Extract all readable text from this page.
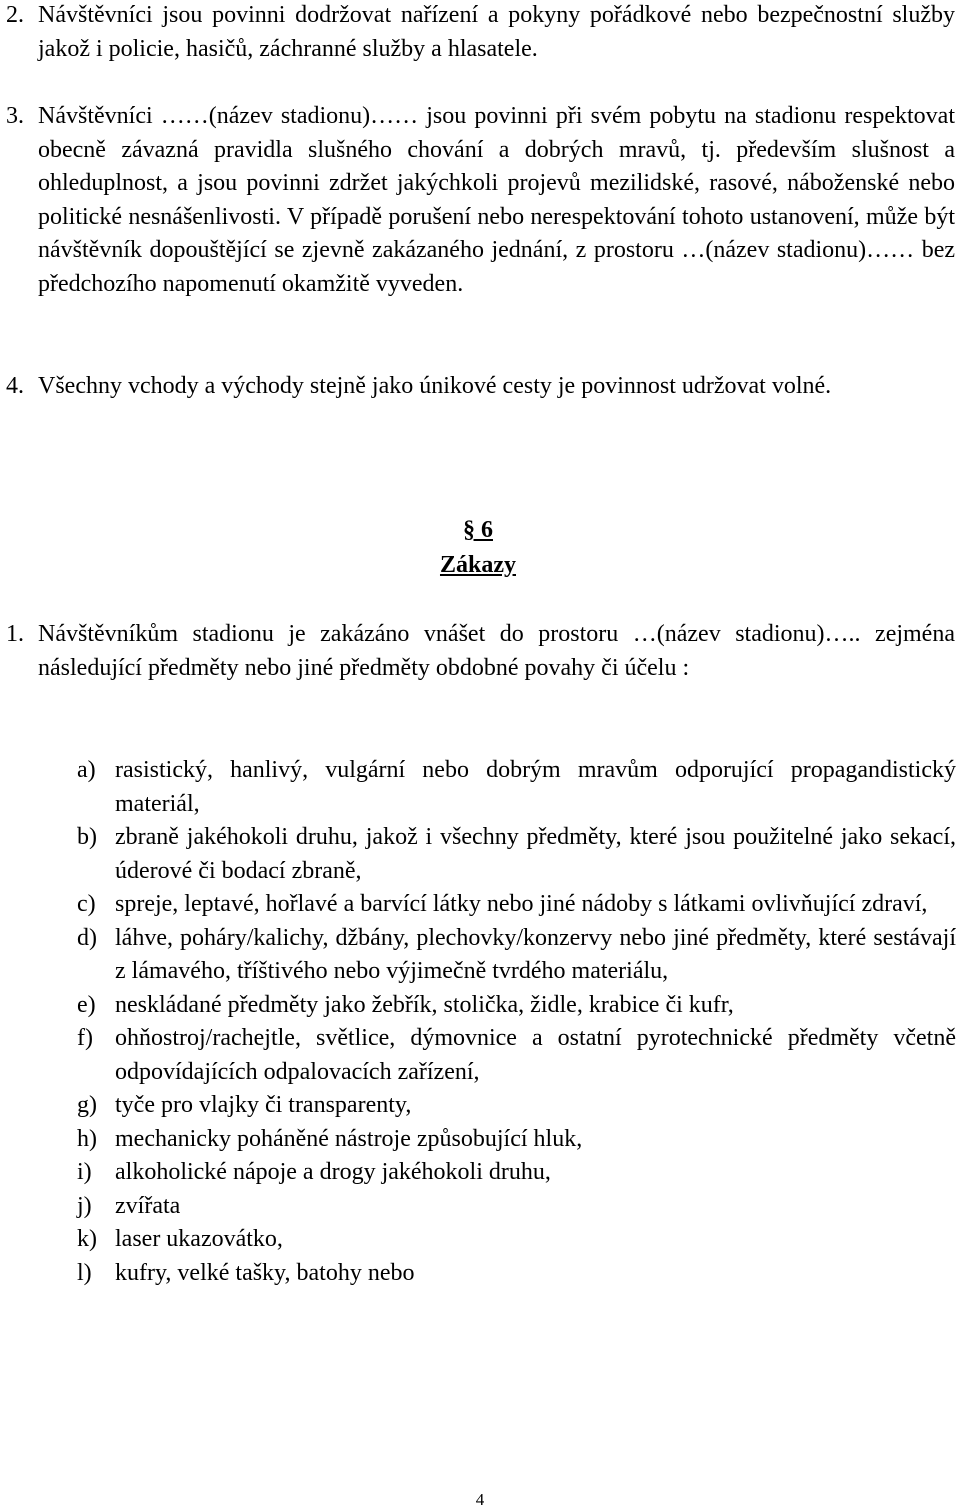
2. Návštěvníci jsou povinni dodržovat nařízení a pokyny pořádkové nebo bezpečnostní služby jakož i policie, hasičů, záchranné služby a hlasatele.
3. Návštěvníci ……(název stadionu)…… jsou povinni při svém pobytu na stadionu respektovat obecně závazná pravidla slušného chování a dobrých mravů, tj. především slušnost a ohleduplnost, a jsou povinni zdržet jakýchkoli projevů mezilidské, rasové, náboženské nebo politické nesnášenlivosti. V případě porušení nebo nerespektování tohoto ustanovení, může být návštěvník dopouštějící se zjevně zakázaného jednání, z prostoru …(název stadionu)…… bez předchozího napomenutí okamžitě vyveden.
4. Všechny vchody a východy stejně jako únikové cesty je povinnost udržovat volné.
§ 6
Zákazy
1. Návštěvníkům stadionu je zakázáno vnášet do prostoru …(název stadionu)….. zejména následující předměty nebo jiné předměty obdobné povahy či účelu :
a) rasistický, hanlivý, vulgární nebo dobrým mravům odporující propagandistický materiál,
b) zbraně jakéhokoli druhu, jakož i všechny předměty, které jsou použitelné jako sekací, úderové či bodací zbraně,
c) spreje, leptavé, hořlavé a barvící látky nebo jiné nádoby s látkami ovlivňující zdraví,
d) láhve, poháry/kalichy, džbány, plechovky/konzervy nebo jiné předměty, které sestávají z lámavého, tříštivého nebo výjimečně tvrdého materiálu,
e) neskládané předměty jako žebřík, stolička, židle, krabice či kufr,
f) ohňostroj/rachejtle, světlice, dýmovnice a ostatní pyrotechnické předměty včetně odpovídajících odpalovacích zařízení,
g) tyče pro vlajky či transparenty,
h) mechanicky poháněné nástroje způsobující hluk,
i) alkoholické nápoje a drogy jakéhokoli druhu,
j) zvířata
k) laser ukazovátko,
l) kufry, velké tašky, batohy nebo
4
